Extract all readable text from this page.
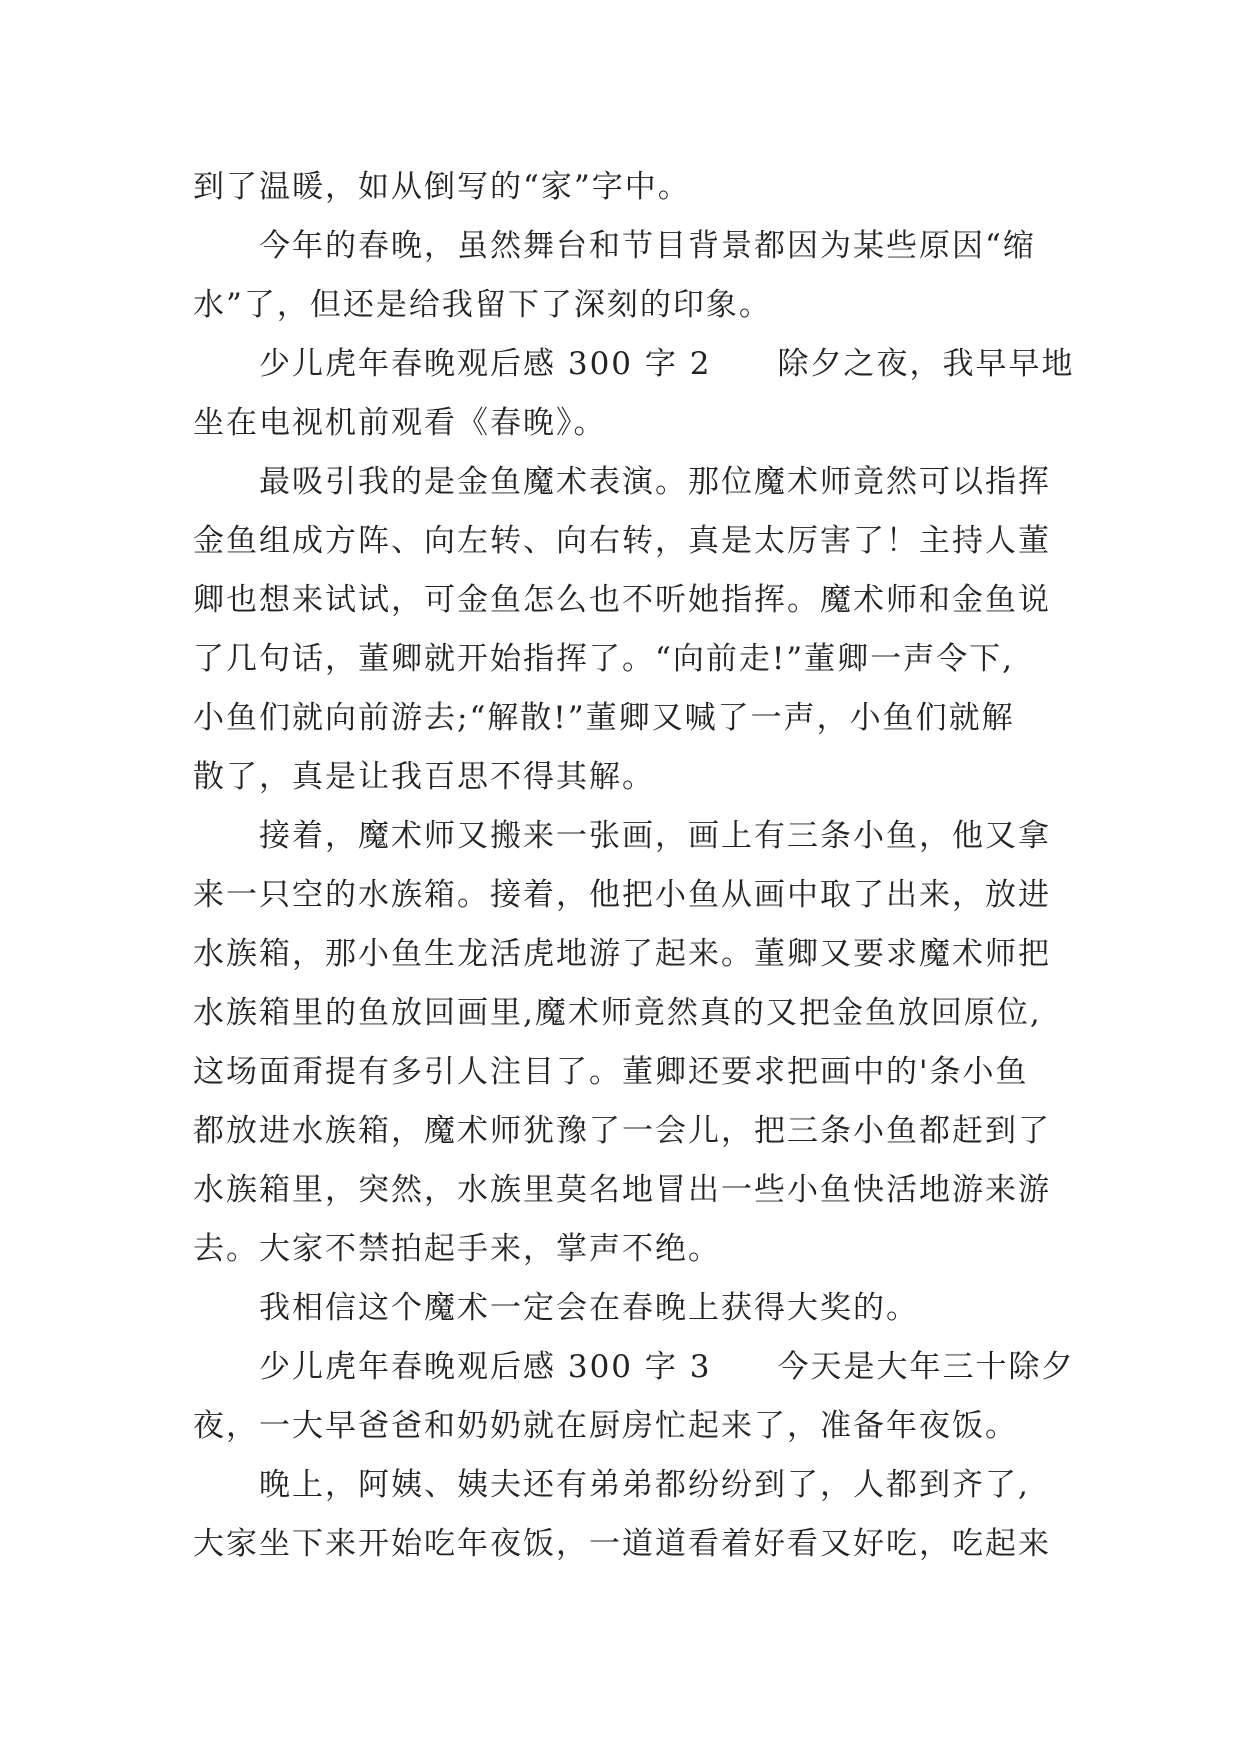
到了温暖，如从倒写的“家”字中。
今年的春晚，虽然舞台和节目背景都因为某些原因“缩
水”了，但还是给我留下了深刻的印象。
少儿虎年春晚观后感 300 字 2　　除夕之夜，我早早地
坐在电视机前观看《春晚》。
最吸引我的是金鱼魔术表演。那位魔术师竟然可以指挥
金鱼组成方阵、向左转、向右转，真是太厉害了！主持人董
卿也想来试试，可金鱼怎么也不听她指挥。魔术师和金鱼说
了几句话，董卿就开始指挥了。“向前走!”董卿一声令下,
小鱼们就向前游去;“解散!”董卿又喊了一声，小鱼们就解
散了，真是让我百思不得其解。
接着，魔术师又搬来一张画，画上有三条小鱼，他又拿
来一只空的水族箱。接着，他把小鱼从画中取了出来，放进
水族箱，那小鱼生龙活虎地游了起来。董卿又要求魔术师把
水族箱里的鱼放回画里,魔术师竟然真的又把金鱼放回原位,
这场面甭提有多引人注目了。董卿还要求把画中的'条小鱼
都放进水族箱，魔术师犹豫了一会儿，把三条小鱼都赶到了
水族箱里，突然，水族里莫名地冒出一些小鱼快活地游来游
去。大家不禁拍起手来，掌声不绝。
我相信这个魔术一定会在春晚上获得大奖的。
少儿虎年春晚观后感 300 字 3　　今天是大年三十除夕
夜，一大早爸爸和奶奶就在厨房忙起来了，准备年夜饭。
晚上，阿姨、姨夫还有弟弟都纷纷到了，人都到齐了,
大家坐下来开始吃年夜饭，一道道看着好看又好吃，吃起来
